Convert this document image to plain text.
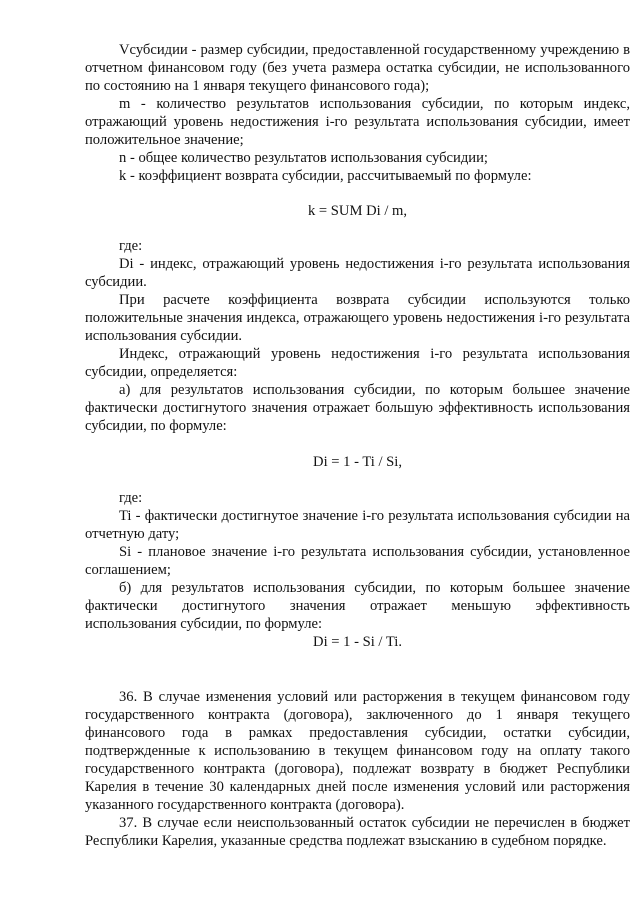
Vсубсидии - размер субсидии, предоставленной государственному учреждению в отчетном финансовом году (без учета размера остатка субсидии, не использованного по состоянию на 1 января текущего финансового года);

m - количество результатов использования субсидии, по которым индекс, отражающий уровень недостижения i-го результата использования субсидии, имеет положительное значение;

n - общее количество результатов использования субсидии;

k - коэффициент возврата субсидии, рассчитываемый по формуле:

k = SUM Di / m,

где:

Di - индекс, отражающий уровень недостижения i-го результата использования субсидии.

При расчете коэффициента возврата субсидии используются только положительные значения индекса, отражающего уровень недостижения i-го результата использования субсидии.

Индекс, отражающий уровень недостижения i-го результата использования субсидии, определяется:

а) для результатов использования субсидии, по которым большее значение фактически достигнутого значения отражает большую эффективность использования субсидии, по формуле:

Di = 1 - Ti / Si,

где:

Ti - фактически достигнутое значение i-го результата использования субсидии на отчетную дату;

Si - плановое значение i-го результата использования субсидии, установленное соглашением;

б) для результатов использования субсидии, по которым большее значение

фактически достигнутого значения отражает меньшую эффективность

использования субсидии, по формуле:

Di = 1 - Si / Ti.

36. В случае изменения условий или расторжения в текущем финансовом году государственного контракта (договора), заключенного до 1 января текущего финансового года в рамках предоставления субсидии, остатки субсидии, подтвержденные к использованию в текущем финансовом году на оплату такого государственного контракта (договора), подлежат возврату в бюджет Республики Карелия в течение 30 календарных дней после изменения условий или расторжения указанного государственного контракта (договора).

37. В случае если неиспользованный остаток субсидии не перечислен в бюджет Республики Карелия, указанные средства подлежат взысканию в судебном порядке.
